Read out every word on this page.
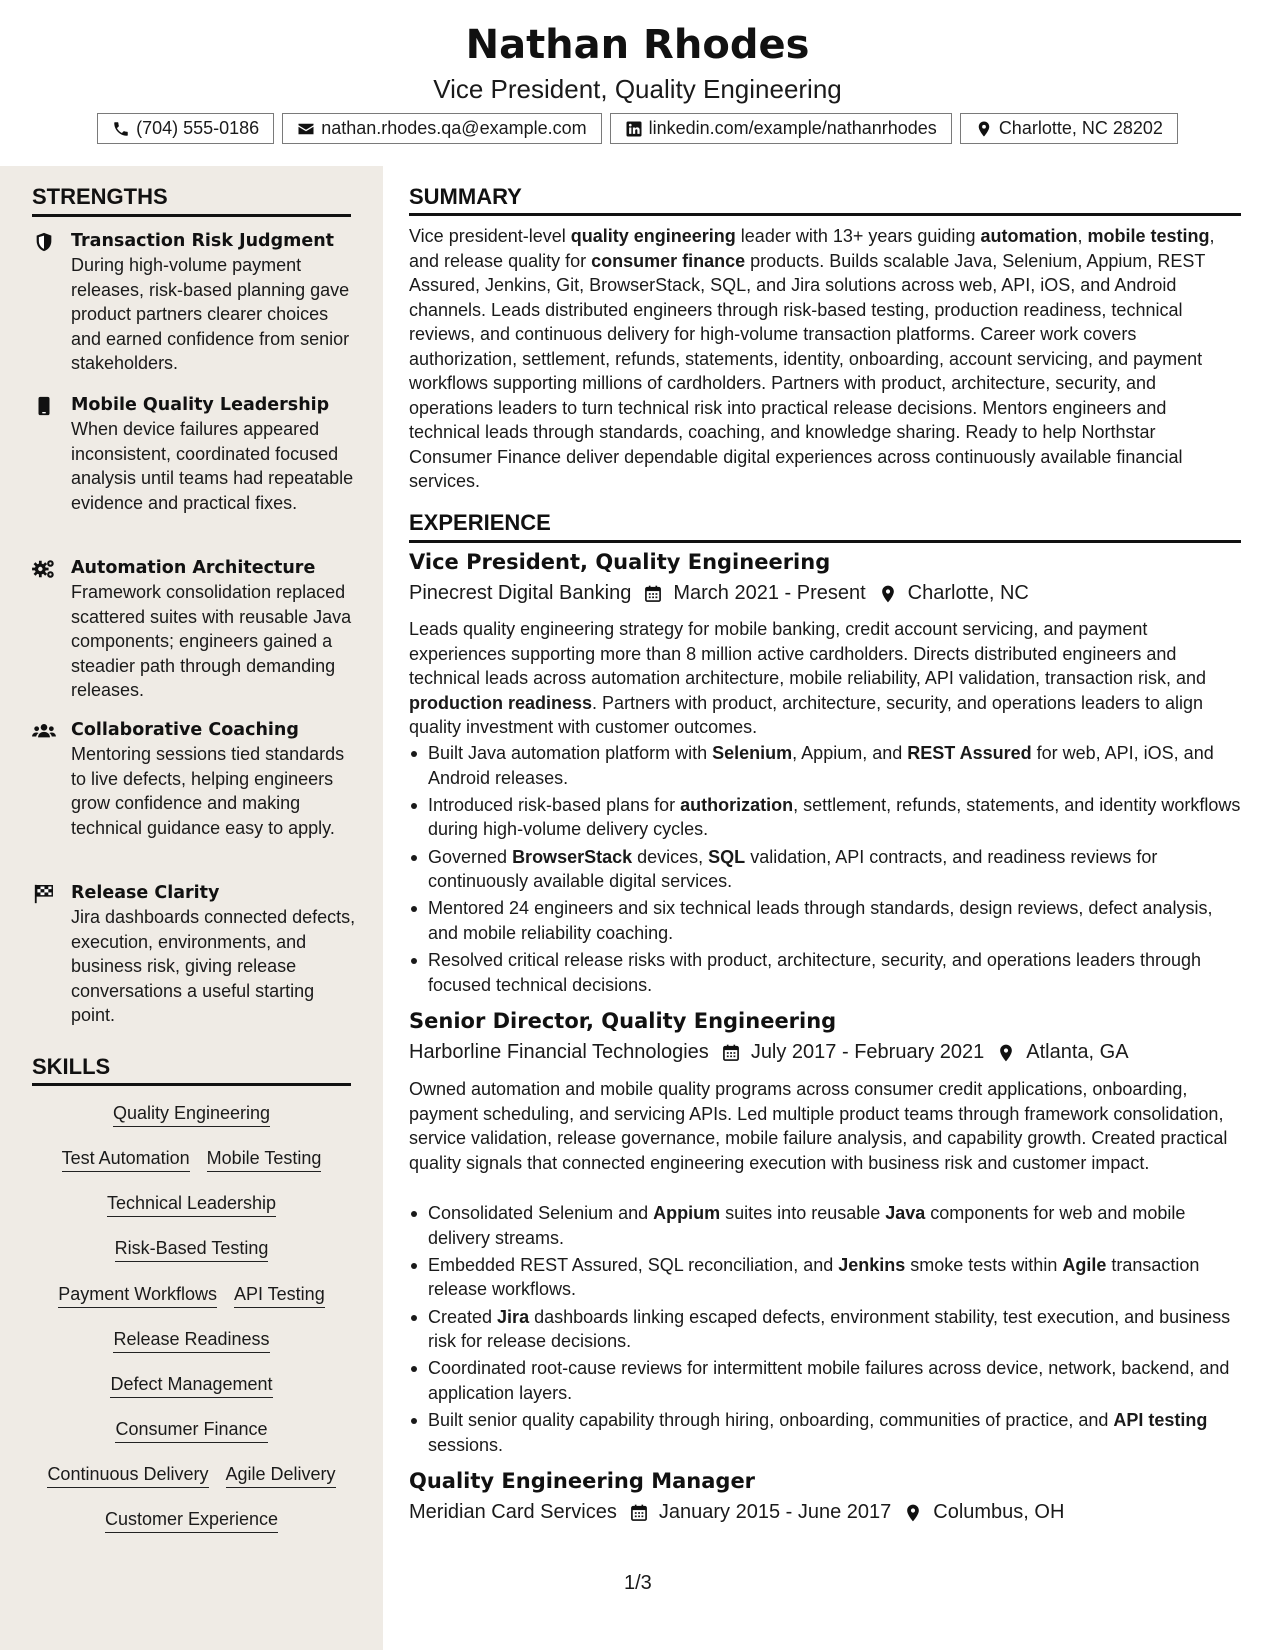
Nathan Rhodes
Vice President, Quality Engineering
(704) 555-0186	nathan.rhodes.qa@example.com	linkedin.com/example/nathanrhodes	Charlotte, NC 28202
STRENGTHS
Transaction Risk Judgment
During high-volume payment releases, risk-based planning gave product partners clearer choices and earned confidence from senior stakeholders.
Mobile Quality Leadership
When device failures appeared inconsistent, coordinated focused analysis until teams had repeatable evidence and practical fixes.
Automation Architecture
Framework consolidation replaced scattered suites with reusable Java components; engineers gained a steadier path through demanding releases.
Collaborative Coaching
Mentoring sessions tied standards to live defects, helping engineers grow confidence and making technical guidance easy to apply.
Release Clarity
Jira dashboards connected defects, execution, environments, and business risk, giving release conversations a useful starting point.
SKILLS
Quality Engineering
Test Automation Mobile Testing
Technical Leadership
Risk-Based Testing
Payment Workflows API Testing
Release Readiness
Defect Management
Consumer Finance
Continuous Delivery Agile Delivery
Customer Experience
SUMMARY
Vice president-level quality engineering leader with 13+ years guiding automation, mobile testing, and release quality for consumer finance products. Builds scalable Java, Selenium, Appium, REST Assured, Jenkins, Git, BrowserStack, SQL, and Jira solutions across web, API, iOS, and Android channels. Leads distributed engineers through risk-based testing, production readiness, technical reviews, and continuous delivery for high-volume transaction platforms. Career work covers authorization, settlement, refunds, statements, identity, onboarding, account servicing, and payment workflows supporting millions of cardholders. Partners with product, architecture, security, and operations leaders to turn technical risk into practical release decisions. Mentors engineers and technical leads through standards, coaching, and knowledge sharing. Ready to help Northstar Consumer Finance deliver dependable digital experiences across continuously available financial services.
EXPERIENCE
Vice President, Quality Engineering
Pinecrest Digital Banking March 2021 - Present Charlotte, NC
Leads quality engineering strategy for mobile banking, credit account servicing, and payment experiences supporting more than 8 million active cardholders. Directs distributed engineers and technical leads across automation architecture, mobile reliability, API validation, transaction risk, and production readiness. Partners with product, architecture, security, and operations leaders to align quality investment with customer outcomes.
Built Java automation platform with Selenium, Appium, and REST Assured for web, API, iOS, and Android releases.
Introduced risk-based plans for authorization, settlement, refunds, statements, and identity workflows during high-volume delivery cycles.
Governed BrowserStack devices, SQL validation, API contracts, and readiness reviews for continuously available digital services.
Mentored 24 engineers and six technical leads through standards, design reviews, defect analysis, and mobile reliability coaching.
Resolved critical release risks with product, architecture, security, and operations leaders through focused technical decisions.
Senior Director, Quality Engineering
Harborline Financial Technologies July 2017 - February 2021 Atlanta, GA
Owned automation and mobile quality programs across consumer credit applications, onboarding, payment scheduling, and servicing APIs. Led multiple product teams through framework consolidation, service validation, release governance, mobile failure analysis, and capability growth. Created practical quality signals that connected engineering execution with business risk and customer impact.
Consolidated Selenium and Appium suites into reusable Java components for web and mobile delivery streams.
Embedded REST Assured, SQL reconciliation, and Jenkins smoke tests within Agile transaction release workflows.
Created Jira dashboards linking escaped defects, environment stability, test execution, and business risk for release decisions.
Coordinated root-cause reviews for intermittent mobile failures across device, network, backend, and application layers.
Built senior quality capability through hiring, onboarding, communities of practice, and API testing sessions.
Quality Engineering Manager
Meridian Card Services January 2015 - June 2017 Columbus, OH
1/3
